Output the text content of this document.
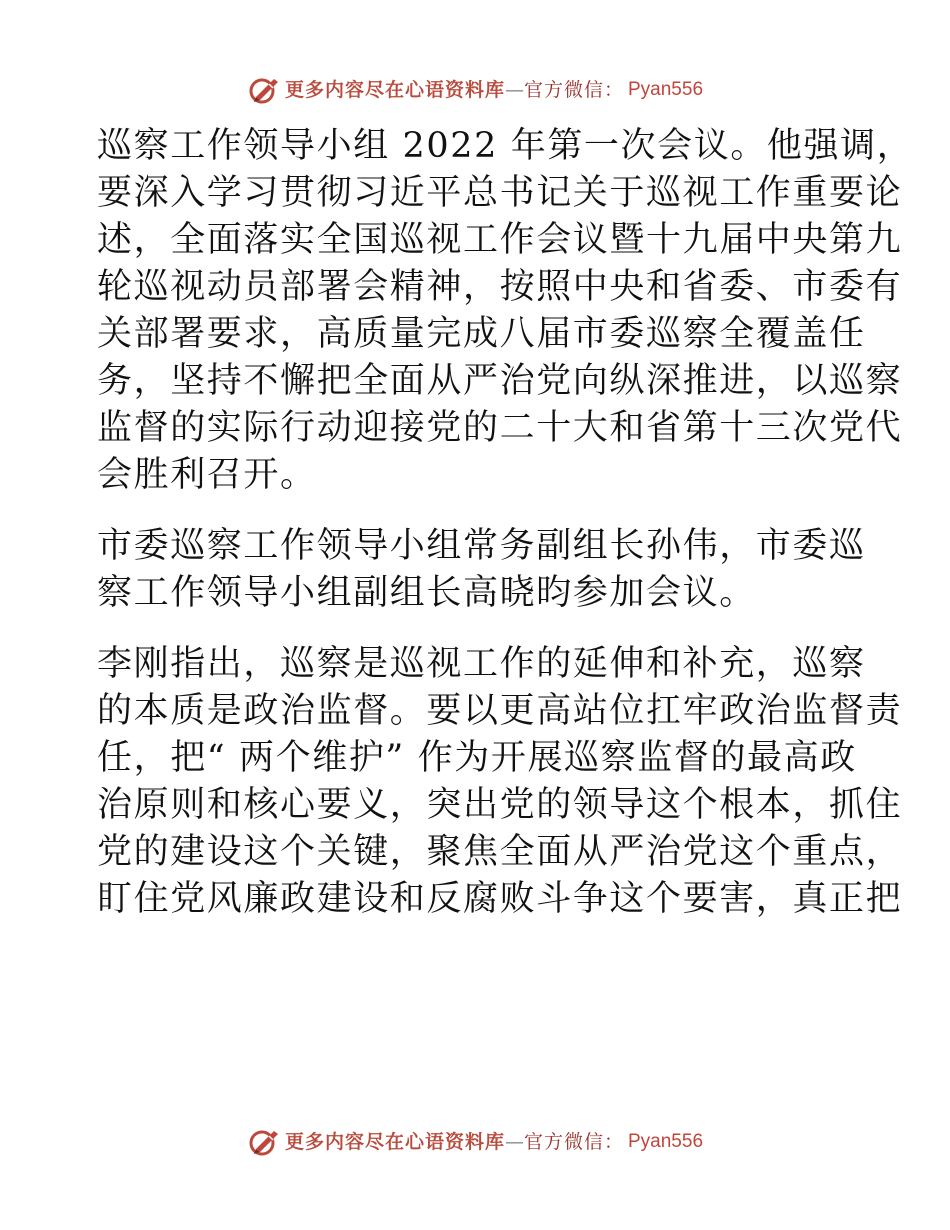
更多内容尽在心语资料库 — 官方微信： Pyan556
巡察工作领导小组 2022 年第一次会议。他强调，
要深入学习贯彻习近平总书记关于巡视工作重要论
述，全面落实全国巡视工作会议暨十九届中央第九
轮巡视动员部署会精神，按照中央和省委、市委有
关部署要求，高质量完成八届市委巡察全覆盖任
务，坚持不懈把全面从严治党向纵深推进，以巡察
监督的实际行动迎接党的二十大和省第十三次党代
会胜利召开。
市委巡察工作领导小组常务副组长孙伟，市委巡
察工作领导小组副组长高晓昀参加会议。
李刚指出，巡察是巡视工作的延伸和补充，巡察
的本质是政治监督。要以更高站位扛牢政治监督责
任，把“ 两个维护” 作为开展巡察监督的最高政
治原则和核心要义，突出党的领导这个根本，抓住
党的建设这个关键，聚焦全面从严治党这个重点，
盯住党风廉政建设和反腐败斗争这个要害，真正把
更多内容尽在心语资料库 — 官方微信： Pyan556
